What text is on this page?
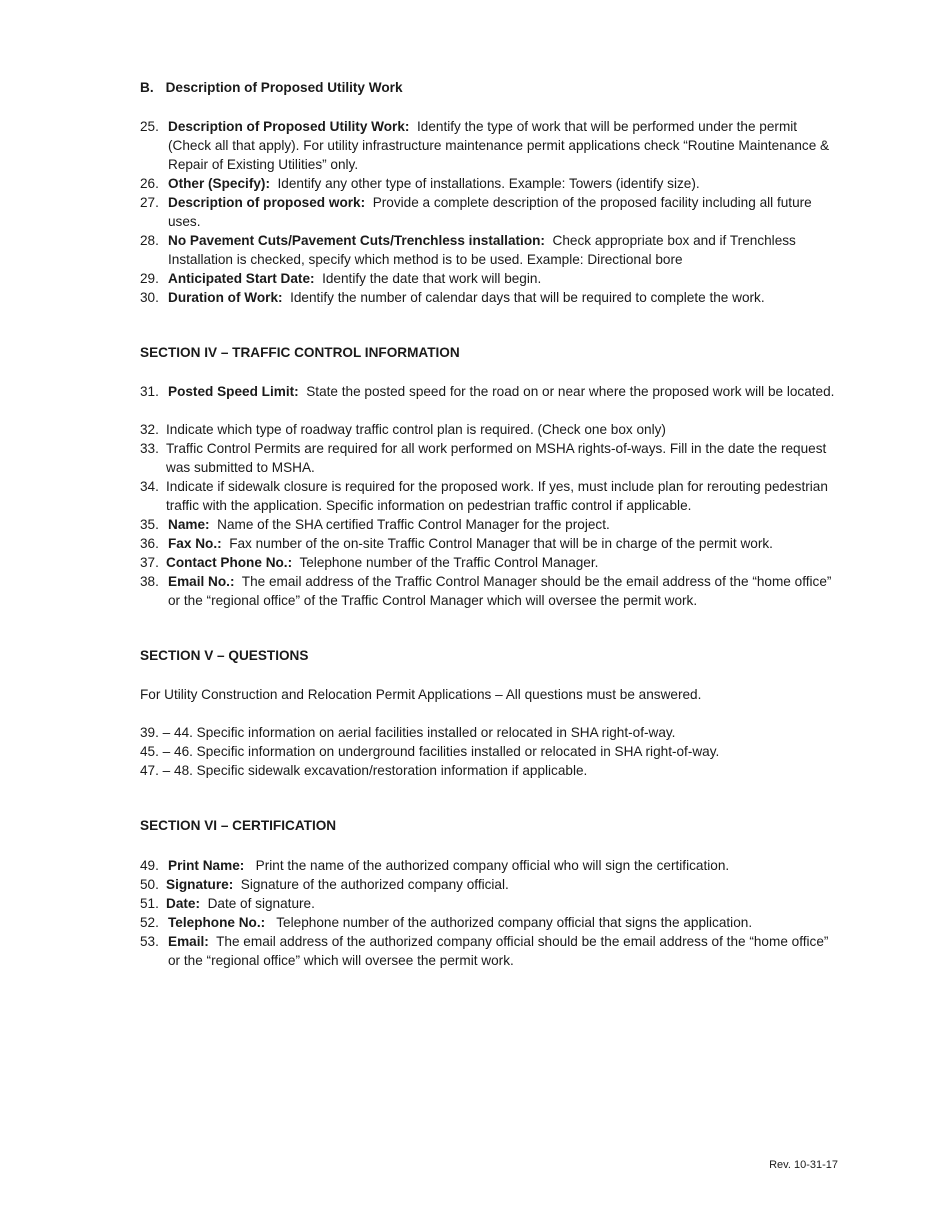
B. Description of Proposed Utility Work
25. Description of Proposed Utility Work: Identify the type of work that will be performed under the permit (Check all that apply). For utility infrastructure maintenance permit applications check “Routine Maintenance & Repair of Existing Utilities” only.
26. Other (Specify): Identify any other type of installations. Example: Towers (identify size).
27. Description of proposed work: Provide a complete description of the proposed facility including all future uses.
28. No Pavement Cuts/Pavement Cuts/Trenchless installation: Check appropriate box and if Trenchless Installation is checked, specify which method is to be used. Example: Directional bore
29. Anticipated Start Date: Identify the date that work will begin.
30. Duration of Work: Identify the number of calendar days that will be required to complete the work.
SECTION IV – TRAFFIC CONTROL INFORMATION
31. Posted Speed Limit: State the posted speed for the road on or near where the proposed work will be located.
32. Indicate which type of roadway traffic control plan is required. (Check one box only)
33. Traffic Control Permits are required for all work performed on MSHA rights-of-ways. Fill in the date the request was submitted to MSHA.
34. Indicate if sidewalk closure is required for the proposed work. If yes, must include plan for rerouting pedestrian traffic with the application. Specific information on pedestrian traffic control if applicable.
35. Name: Name of the SHA certified Traffic Control Manager for the project.
36. Fax No.: Fax number of the on-site Traffic Control Manager that will be in charge of the permit work.
37. Contact Phone No.: Telephone number of the Traffic Control Manager.
38. Email No.: The email address of the Traffic Control Manager should be the email address of the “home office” or the “regional office” of the Traffic Control Manager which will oversee the permit work.
SECTION V – QUESTIONS
For Utility Construction and Relocation Permit Applications – All questions must be answered.
39. – 44. Specific information on aerial facilities installed or relocated in SHA right-of-way.
45. – 46. Specific information on underground facilities installed or relocated in SHA right-of-way.
47. – 48. Specific sidewalk excavation/restoration information if applicable.
SECTION VI – CERTIFICATION
49. Print Name: Print the name of the authorized company official who will sign the certification.
50. Signature: Signature of the authorized company official.
51. Date: Date of signature.
52. Telephone No.: Telephone number of the authorized company official that signs the application.
53. Email: The email address of the authorized company official should be the email address of the “home office” or the “regional office” which will oversee the permit work.
Rev. 10-31-17
